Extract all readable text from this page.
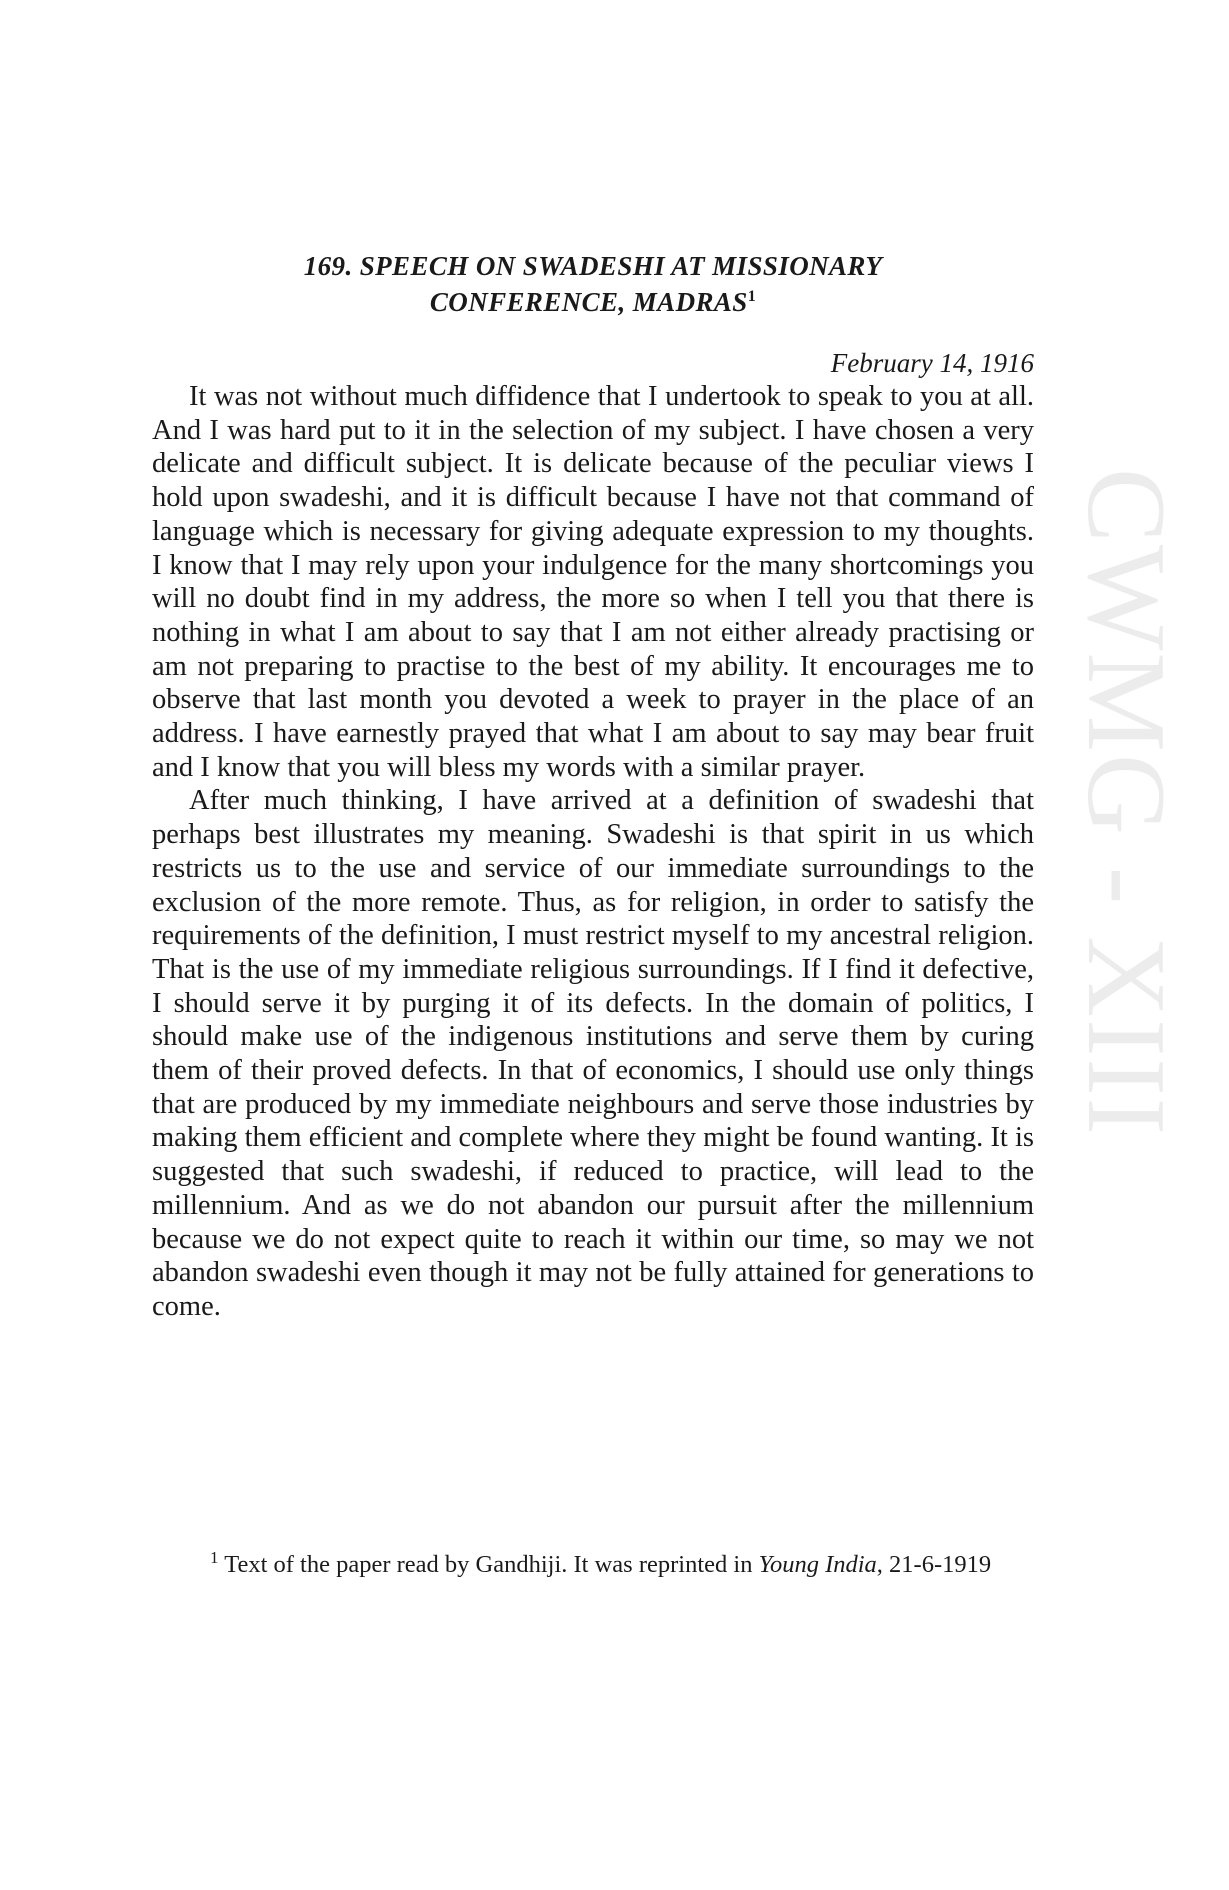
CWMG - XIII
169. SPEECH ON SWADESHI AT MISSIONARY
CONFERENCE, MADRAS$^1$

February 14, 1916

It was not without much diffidence that I undertook to speak to you at all. And I was hard put to it in the selection of my subject. I have chosen a very delicate and difficult subject. It is delicate because of the peculiar views I hold upon swadeshi, and it is difficult because I have not that command of language which is necessary for giving adequate expression to my thoughts. I know that I may rely upon your indulgence for the many shortcomings you will no doubt find in my address, the more so when I tell you that there is nothing in what I am about to say that I am not either already practising or am not preparing to practise to the best of my ability. It encourages me to observe that last month you devoted a week to prayer in the place of an address. I have earnestly prayed that what I am about to say may bear fruit and I know that you will bless my words with a similar prayer.

After much thinking, I have arrived at a definition of swadeshi that perhaps best illustrates my meaning. Swadeshi is that spirit in us which restricts us to the use and service of our immediate surroundings to the exclusion of the more remote. Thus, as for religion, in order to satisfy the requirements of the definition, I must restrict myself to my ancestral religion. That is the use of my immediate religious surroundings. If I find it defective, I should serve it by purging it of its defects. In the domain of politics, I should make use of the indigenous institutions and serve them by curing them of their proved defects. In that of economics, I should use only things that are produced by my immediate neighbours and serve those industries by making them efficient and complete where they might be found wanting. It is suggested that such swadeshi, if reduced to practice, will lead to the millennium. And as we do not abandon our pursuit after the millennium because we do not expect quite to reach it within our time, so may we not abandon swadeshi even though it may not be fully attained for generations to come.

$^1$ Text of the paper read by Gandhiji. It was reprinted in Young India, 21-6-1919
